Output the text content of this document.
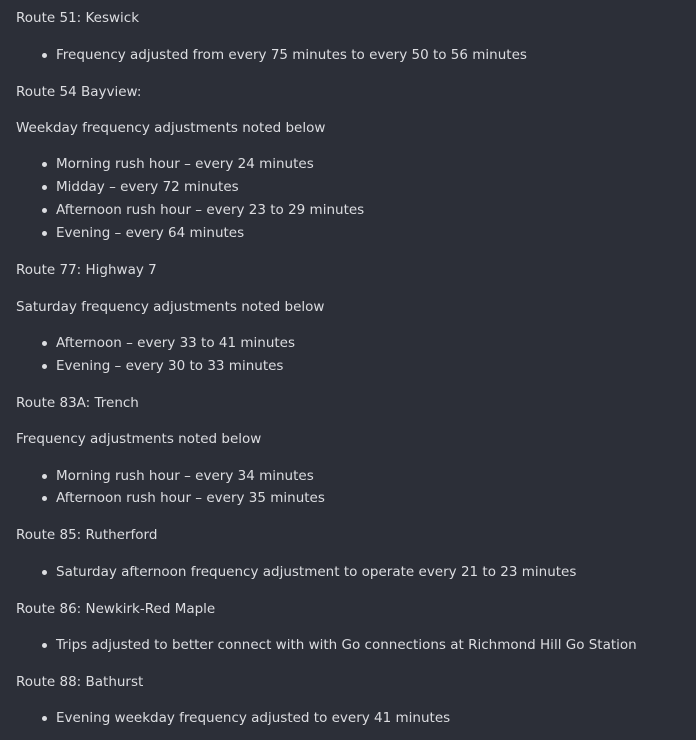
Route 51: Keswick
Frequency adjusted from every 75 minutes to every 50 to 56 minutes
Route 54 Bayview:
Weekday frequency adjustments noted below
Morning rush hour – every 24 minutes
Midday – every 72 minutes
Afternoon rush hour – every 23 to 29 minutes
Evening – every 64 minutes
Route 77: Highway 7
Saturday frequency adjustments noted below
Afternoon – every 33 to 41 minutes
Evening – every 30 to 33 minutes
Route 83A: Trench
Frequency adjustments noted below
Morning rush hour – every 34 minutes
Afternoon rush hour – every 35 minutes
Route 85: Rutherford
Saturday afternoon frequency adjustment to operate every 21 to 23 minutes
Route 86: Newkirk-Red Maple
Trips adjusted to better connect with with Go connections at Richmond Hill Go Station
Route 88: Bathurst
Evening weekday frequency adjusted to every 41 minutes
